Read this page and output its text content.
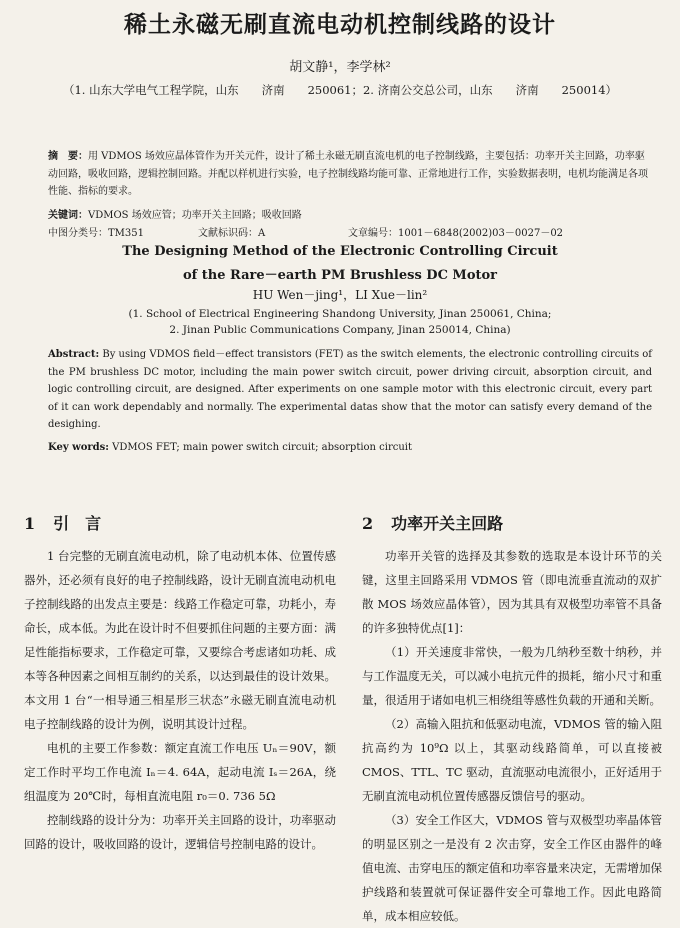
稀土永磁无刷直流电动机控制线路的设计
胡文静¹，李学林²
（1. 山东大学电气工程学院，山东　　济南　　250061；2. 济南公交总公司，山东　　济南　　250014）
摘　要：用 VDMOS 场效应晶体管作为开关元件，设计了稀土永磁无刷直流电机的电子控制线路，主要包括：功率开关主回路，功率驱动回路，吸收回路，逻辑控制回路。并配以样机进行实验，电子控制线路均能可靠、正常地进行工作，实验数据表明，电机均能满足各项性能、指标的要求。
关键词：VDMOS 场效应管；功率开关主回路；吸收回路
中图分类号：TM351	文献标识码：A	文章编号：1001－6848(2002)03－0027－02
The Designing Method of the Electronic Controlling Circuit
of the Rare－earth PM Brushless DC Motor
HU Wen－jing¹，LI Xue－lin²
(1. School of Electrical Engineering Shandong University, Jinan 250061, China;
2. Jinan Public Communications Company, Jinan 250014, China)
Abstract: By using VDMOS field－effect transistors (FET) as the switch elements, the electronic controlling circuits of the PM brushless DC motor, including the main power switch circuit, power driving circuit, absorption circuit, and logic controlling circuit, are designed. After experiments on one sample motor with this electronic circuit, every part of it can work dependably and normally. The experimental datas show that the motor can satisfy every demand of the desighing.
Key words: VDMOS FET; main power switch circuit; absorption circuit
1 引　言

1 台完整的无刷直流电动机，除了电动机本体、位置传感器外，还必须有良好的电子控制线路，设计无刷直流电动机电子控制线路的出发点主要是：线路工作稳定可靠，功耗小，寿命长，成本低。为此在设计时不但要抓住问题的主要方面：满足性能指标要求，工作稳定可靠，又要综合考虑诸如功耗、成本等各种因素之间相互制约的关系，以达到最佳的设计效果。本文用 1 台“一相导通三相星形三状态”永磁无刷直流电动机电子控制线路的设计为例，说明其设计过程。

电机的主要工作参数：额定直流工作电压 Uₙ＝90V，额定工作时平均工作电流 Iₙ＝4. 64A，起动电流 Iₛ＝26A，绕组温度为 20℃时，每相直流电阻 r₀＝0. 736 5Ω

控制线路的设计分为：功率开关主回路的设计，功率驱动回路的设计，吸收回路的设计，逻辑信号控制电路的设计。

2 功率开关主回路

功率开关管的选择及其参数的选取是本设计环节的关键，这里主回路采用 VDMOS 管（即电流垂直流动的双扩散 MOS 场效应晶体管），因为其具有双极型功率管不具备的许多独特优点[1]：

（1）开关速度非常快，一般为几纳秒至数十纳秒，并与工作温度无关，可以减小电抗元件的损耗，缩小尺寸和重量，很适用于诸如电机三相绕组等感性负载的开通和关断。

（2）高输入阻抗和低驱动电流，VDMOS 管的输入阻抗高约为 10⁹Ω 以上，其驱动线路简单，可以直接被 CMOS、TTL、TC 驱动，直流驱动电流很小，正好适用于无刷直流电动机位置传感器反馈信号的驱动。

（3）安全工作区大，VDMOS 管与双极型功率晶体管的明显区别之一是没有 2 次击穿，安全工作区由器件的峰值电流、击穿电压的额定值和功率容量来决定，无需增加保护线路和装置就可保证器件安全可靠地工作。因此电路简单，成本相应较低。
